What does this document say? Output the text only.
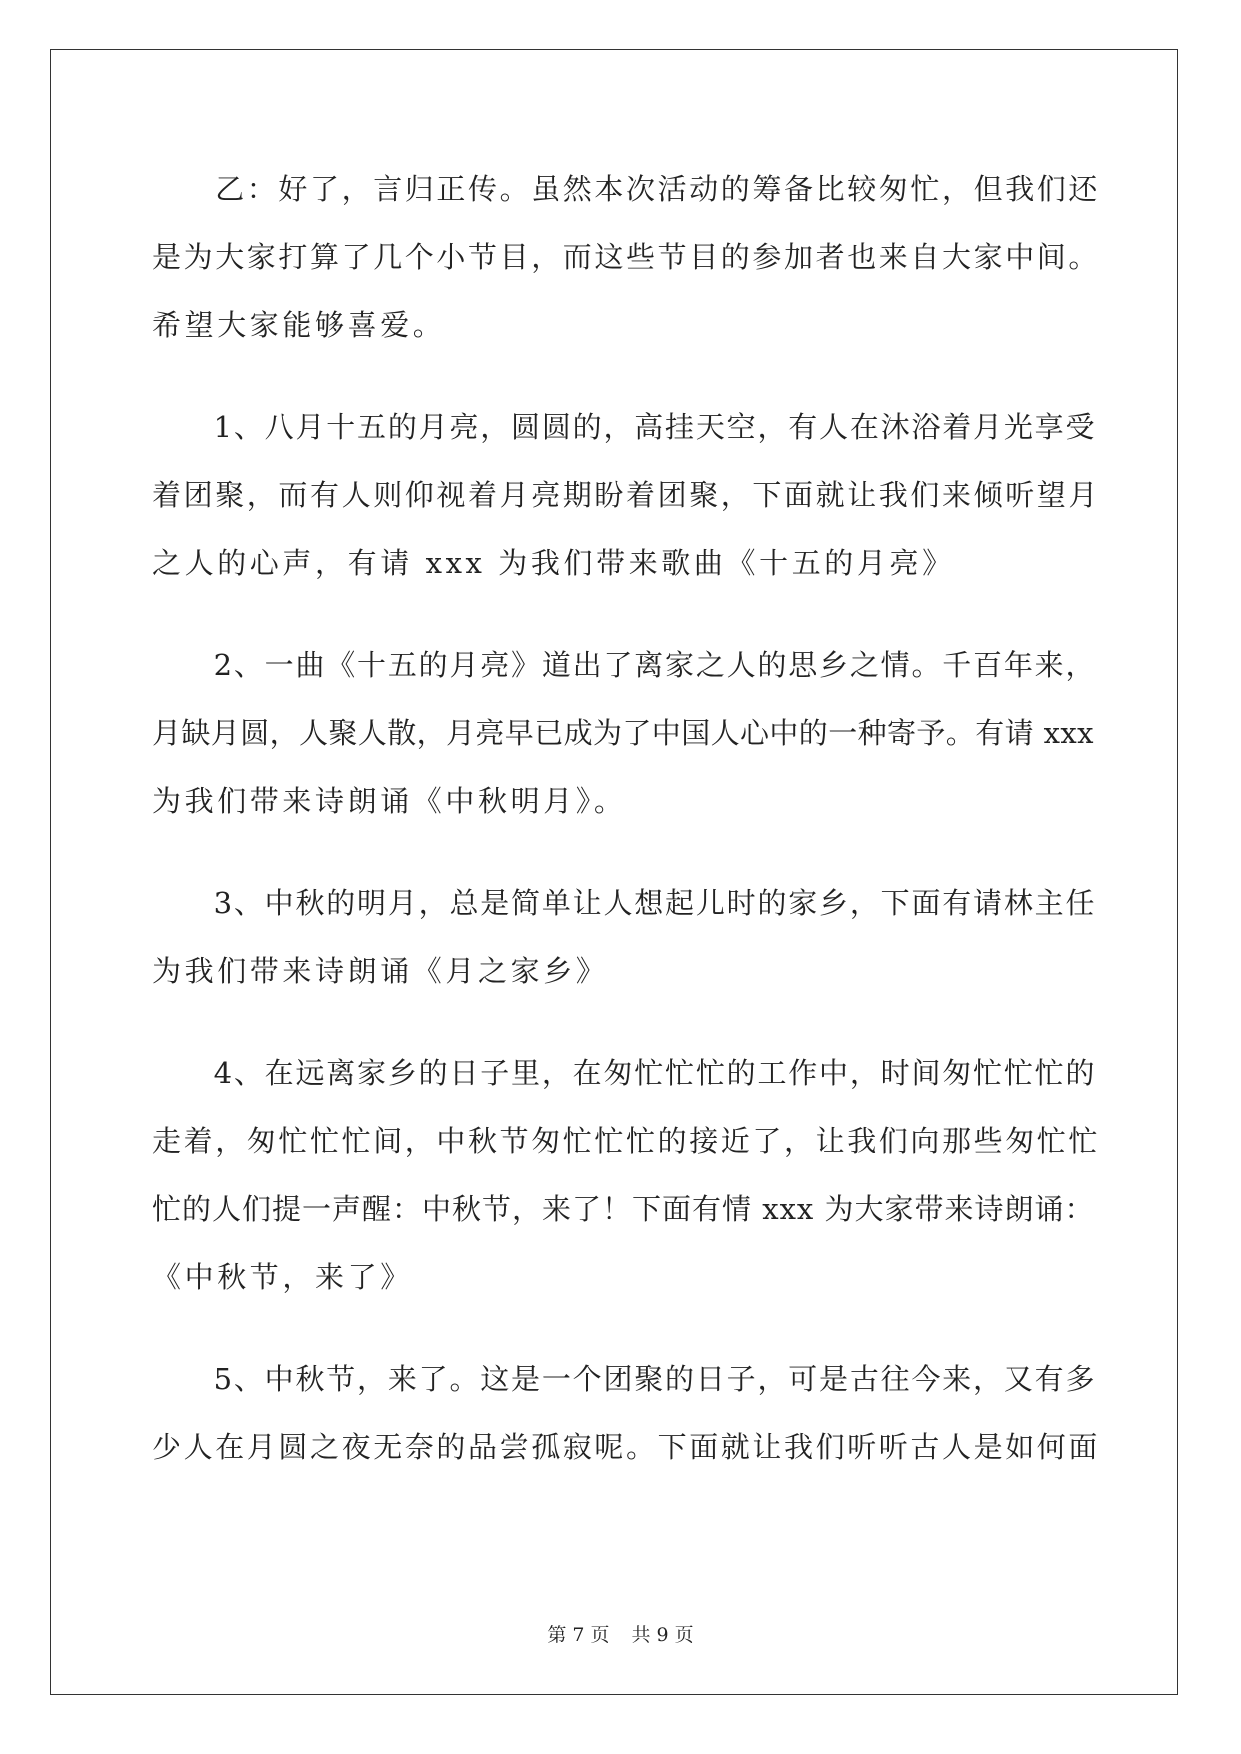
　　乙：好了，言归正传。虽然本次活动的筹备比较匆忙，但我们还
是为大家打算了几个小节目，而这些节目的参加者也来自大家中间。
希望大家能够喜爱。
　　1、八月十五的月亮，圆圆的，高挂天空，有人在沐浴着月光享受
着团聚，而有人则仰视着月亮期盼着团聚，下面就让我们来倾听望月
之人的心声，有请 xxx 为我们带来歌曲《十五的月亮》
　　2、一曲《十五的月亮》道出了离家之人的思乡之情。千百年来，
月缺月圆，人聚人散，月亮早已成为了中国人心中的一种寄予。有请 xxx
为我们带来诗朗诵《中秋明月》。
　　3、中秋的明月，总是简单让人想起儿时的家乡，下面有请林主任
为我们带来诗朗诵《月之家乡》
　　4、在远离家乡的日子里，在匆忙忙忙的工作中，时间匆忙忙忙的
走着，匆忙忙忙间，中秋节匆忙忙忙的接近了，让我们向那些匆忙忙
忙的人们提一声醒：中秋节，来了！下面有情 xxx 为大家带来诗朗诵：
《中秋节，来了》
　　5、中秋节，来了。这是一个团聚的日子，可是古往今来，又有多
少人在月圆之夜无奈的品尝孤寂呢。下面就让我们听听古人是如何面
第 7 页 共 9 页
